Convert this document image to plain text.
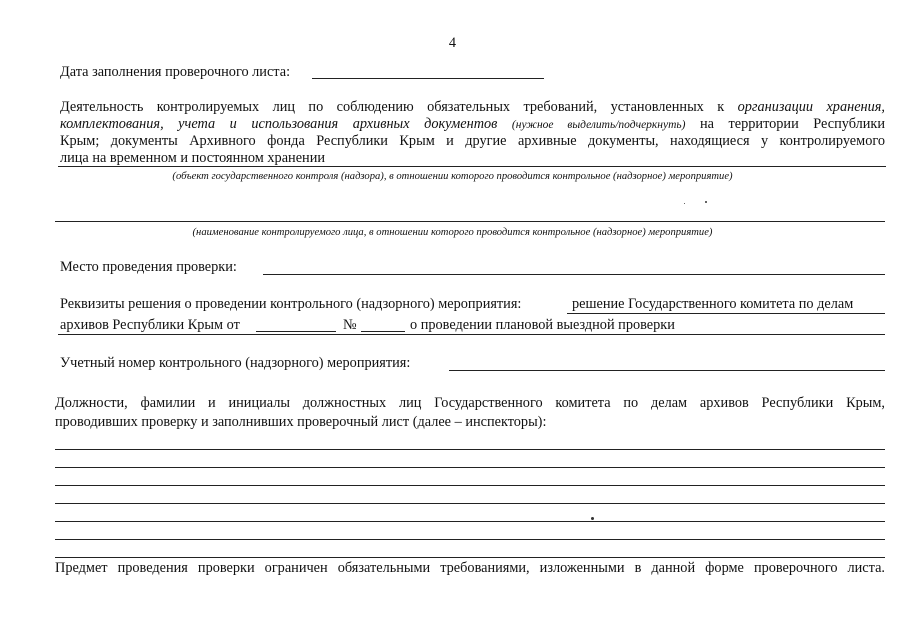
4
Дата заполнения проверочного листа:
Деятельность контролируемых лиц по соблюдению обязательных требований, установленных к организации хранения,
комплектования, учета и использования архивных документов (нужное выделить/подчеркнуть) на территории Республики
Крым; документы Архивного фонда Республики Крым и другие архивные документы, находящиеся у контролируемого
лица на временном и постоянном хранении
(объект государственного контроля (надзора), в отношении которого проводится контрольное (надзорное) мероприятие)
(наименование контролируемого лица, в отношении которого проводится контрольное (надзорное) мероприятие)
Место проведения проверки:
Реквизиты решения о проведении контрольного (надзорного) мероприятия:	решение Государственного комитета по делам
архивов Республики Крым от	№	о проведении плановой выездной проверки
Учетный номер контрольного (надзорного) мероприятия:
Должности, фамилии и инициалы должностных лиц Государственного комитета по делам архивов Республики Крым,
проводивших проверку и заполнивших проверочный лист (далее – инспекторы):
Предмет проведения проверки ограничен обязательными требованиями, изложенными в данной форме проверочного листа.
